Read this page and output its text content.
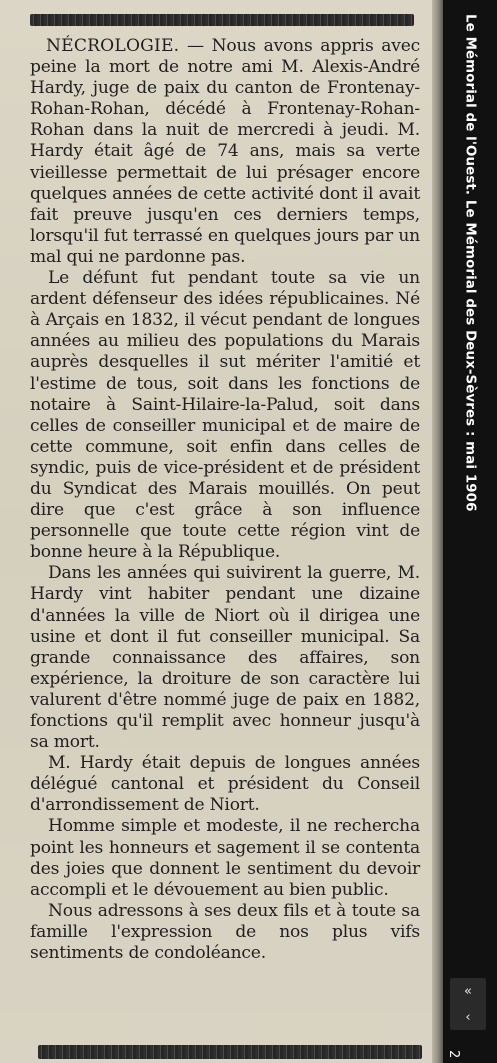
NÉCROLOGIE. — Nous avons appris avec peine la mort de notre ami M. Alexis-André Hardy, juge de paix du canton de Frontenay-Rohan-Rohan, décédé à Frontenay-Rohan-Rohan dans la nuit de mercredi à jeudi. M. Hardy était âgé de 74 ans, mais sa verte vieillesse permettait de lui présager encore quelques années de cette activité dont il avait fait preuve jusqu'en ces derniers temps, lorsqu'il fut terrassé en quelques jours par un mal qui ne pardonne pas.

Le défunt fut pendant toute sa vie un ardent défenseur des idées républicaines. Né à Arçais en 1832, il vécut pendant de longues années au milieu des populations du Marais auprès desquelles il sut mériter l'amitié et l'estime de tous, soit dans les fonctions de notaire à Saint-Hilaire-la-Palud, soit dans celles de conseiller municipal et de maire de cette commune, soit enfin dans celles de syndic, puis de vice-président et de président du Syndicat des Marais mouillés. On peut dire que c'est grâce à son influence personnelle que toute cette région vint de bonne heure à la République.

Dans les années qui suivirent la guerre, M. Hardy vint habiter pendant une dizaine d'années la ville de Niort où il dirigea une usine et dont il fut conseiller municipal. Sa grande connaissance des affaires, son expérience, la droiture de son caractère lui valurent d'être nommé juge de paix en 1882, fonctions qu'il remplit avec honneur jusqu'à sa mort.

M. Hardy était depuis de longues années délégué cantonal et président du Conseil d'arrondissement de Niort.

Homme simple et modeste, il ne rechercha point les honneurs et sagement il se contenta des joies que donnent le sentiment du devoir accompli et le dévouement au bien public.

Nous adressons à ses deux fils et à toute sa famille l'expression de nos plus vifs sentiments de condoléance.

Le Mémorial de l'Ouest. Le Mémorial des Deux-Sèvres : mai 1906
«
‹
2
